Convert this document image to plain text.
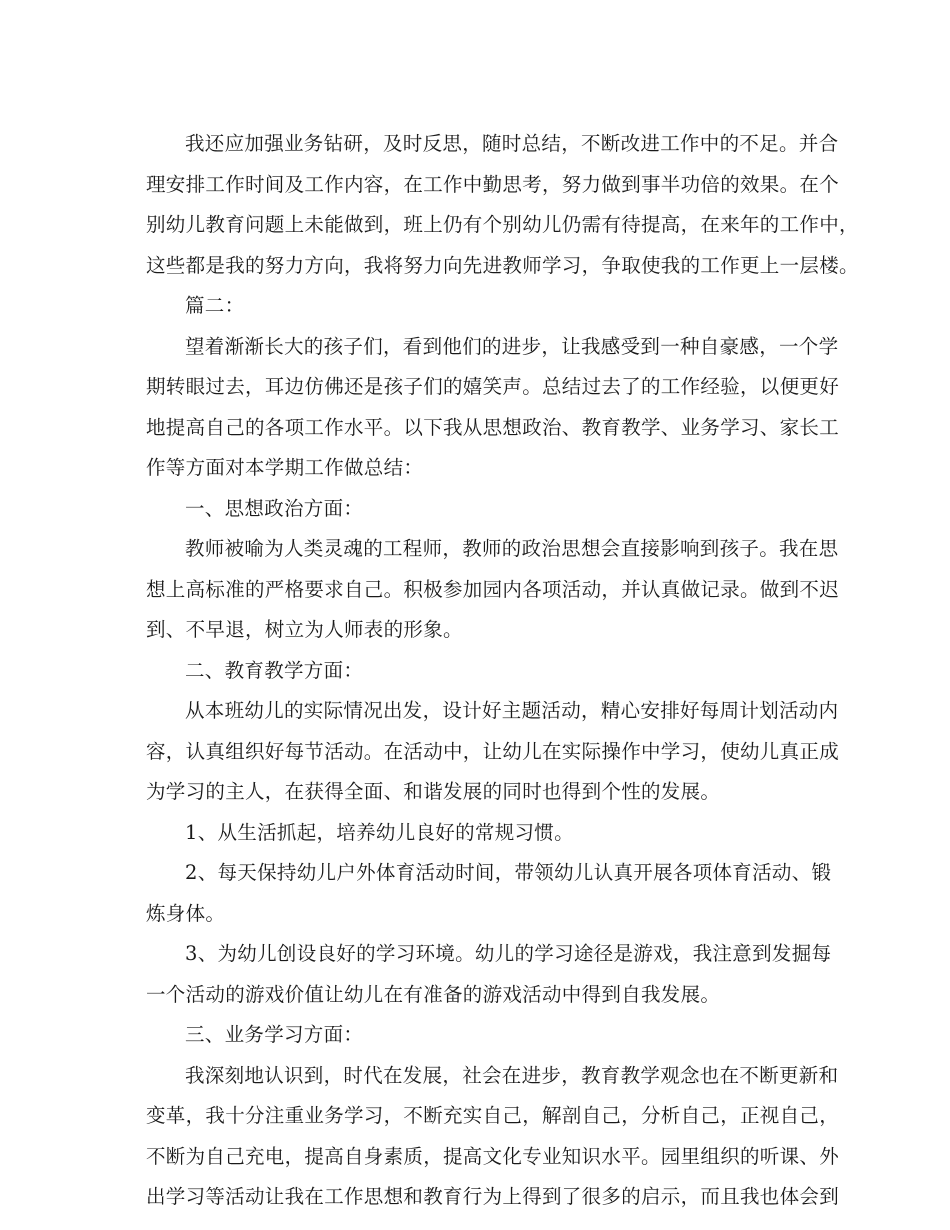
我还应加强业务钻研，及时反思，随时总结，不断改进工作中的不足。并合
理安排工作时间及工作内容，在工作中勤思考，努力做到事半功倍的效果。在个
别幼儿教育问题上未能做到，班上仍有个别幼儿仍需有待提高，在来年的工作中，
这些都是我的努力方向，我将努力向先进教师学习，争取使我的工作更上一层楼。
篇二：
望着渐渐长大的孩子们，看到他们的进步，让我感受到一种自豪感，一个学
期转眼过去，耳边仿佛还是孩子们的嬉笑声。总结过去了的工作经验，以便更好
地提高自己的各项工作水平。以下我从思想政治、教育教学、业务学习、家长工
作等方面对本学期工作做总结：
一、思想政治方面：
教师被喻为人类灵魂的工程师，教师的政治思想会直接影响到孩子。我在思
想上高标准的严格要求自己。积极参加园内各项活动，并认真做记录。做到不迟
到、不早退，树立为人师表的形象。
二、教育教学方面：
从本班幼儿的实际情况出发，设计好主题活动，精心安排好每周计划活动内
容，认真组织好每节活动。在活动中，让幼儿在实际操作中学习，使幼儿真正成
为学习的主人，在获得全面、和谐发展的同时也得到个性的发展。
1、从生活抓起，培养幼儿良好的常规习惯。
2、每天保持幼儿户外体育活动时间，带领幼儿认真开展各项体育活动、锻
炼身体。
3、为幼儿创设良好的学习环境。幼儿的学习途径是游戏，我注意到发掘每
一个活动的游戏价值让幼儿在有准备的游戏活动中得到自我发展。
三、业务学习方面：
我深刻地认识到，时代在发展，社会在进步，教育教学观念也在不断更新和
变革，我十分注重业务学习，不断充实自己，解剖自己，分析自己，正视自己，
不断为自己充电，提高自身素质，提高文化专业知识水平。园里组织的听课、外
出学习等活动让我在工作思想和教育行为上得到了很多的启示，而且我也体会到
